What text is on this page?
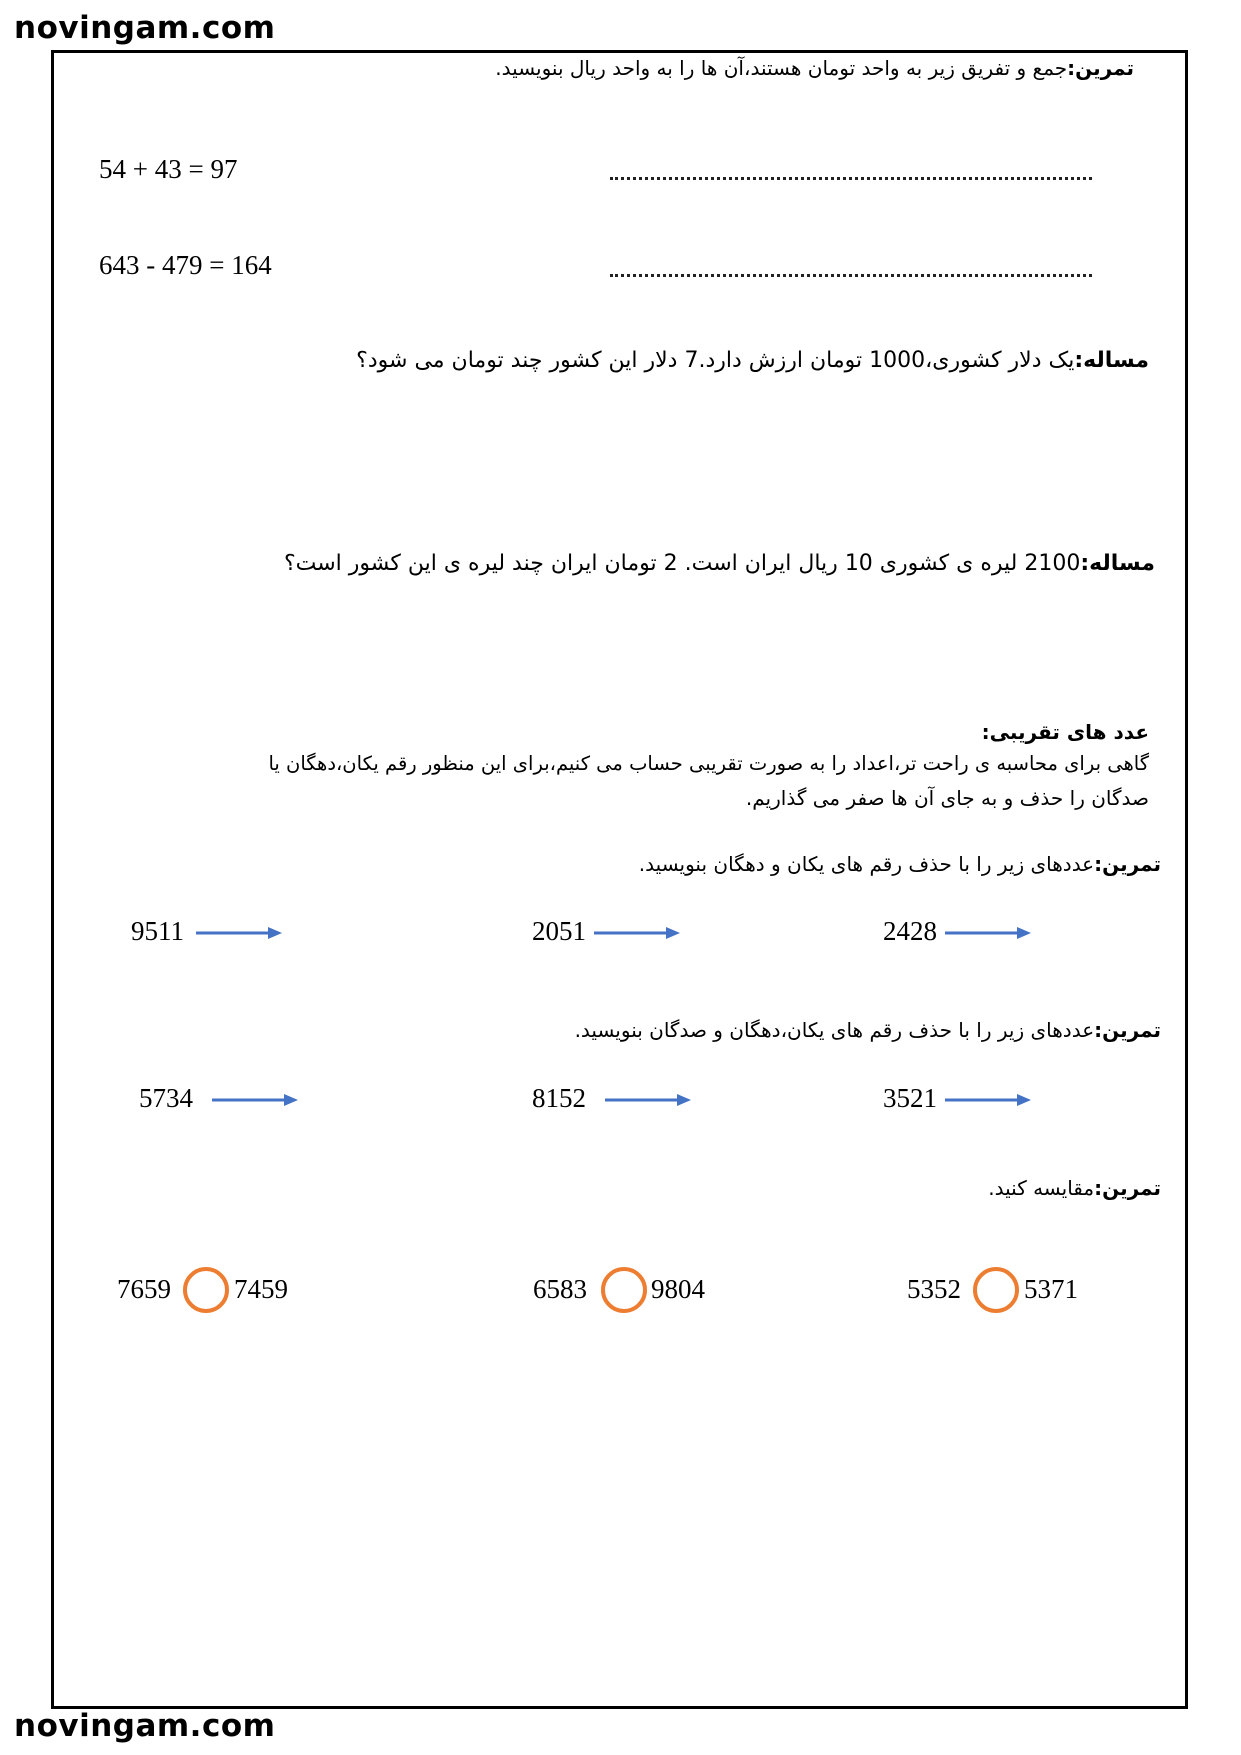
novingam.com
تمرین:جمع و تفریق زیر به واحد تومان هستند،آن ها را به واحد ریال بنویسید.
54 + 43 = 97
643 - 479 = 164
مساله:یک دلار کشوری،1000 تومان ارزش دارد.7 دلار این کشور چند تومان می شود؟
مساله:2100 لیره ی کشوری 10 ریال ایران است. 2 تومان ایران چند لیره ی این کشور است؟
عدد های تقریبی:
گاهی برای محاسبه ی راحت تر،اعداد را به صورت تقریبی حساب می کنیم،برای این منظور رقم یکان،دهگان یا
صدگان را حذف و به جای آن ها صفر می گذاریم.
تمرین:عددهای زیر را با حذف رقم های یکان و دهگان بنویسید.
9511	2051	2428
تمرین:عددهای زیر را با حذف رقم های یکان،دهگان و صدگان بنویسید.
5734	8152	3521
تمرین:مقایسه کنید.
7659 7459	6583 9804	5352 5371
novingam.com
